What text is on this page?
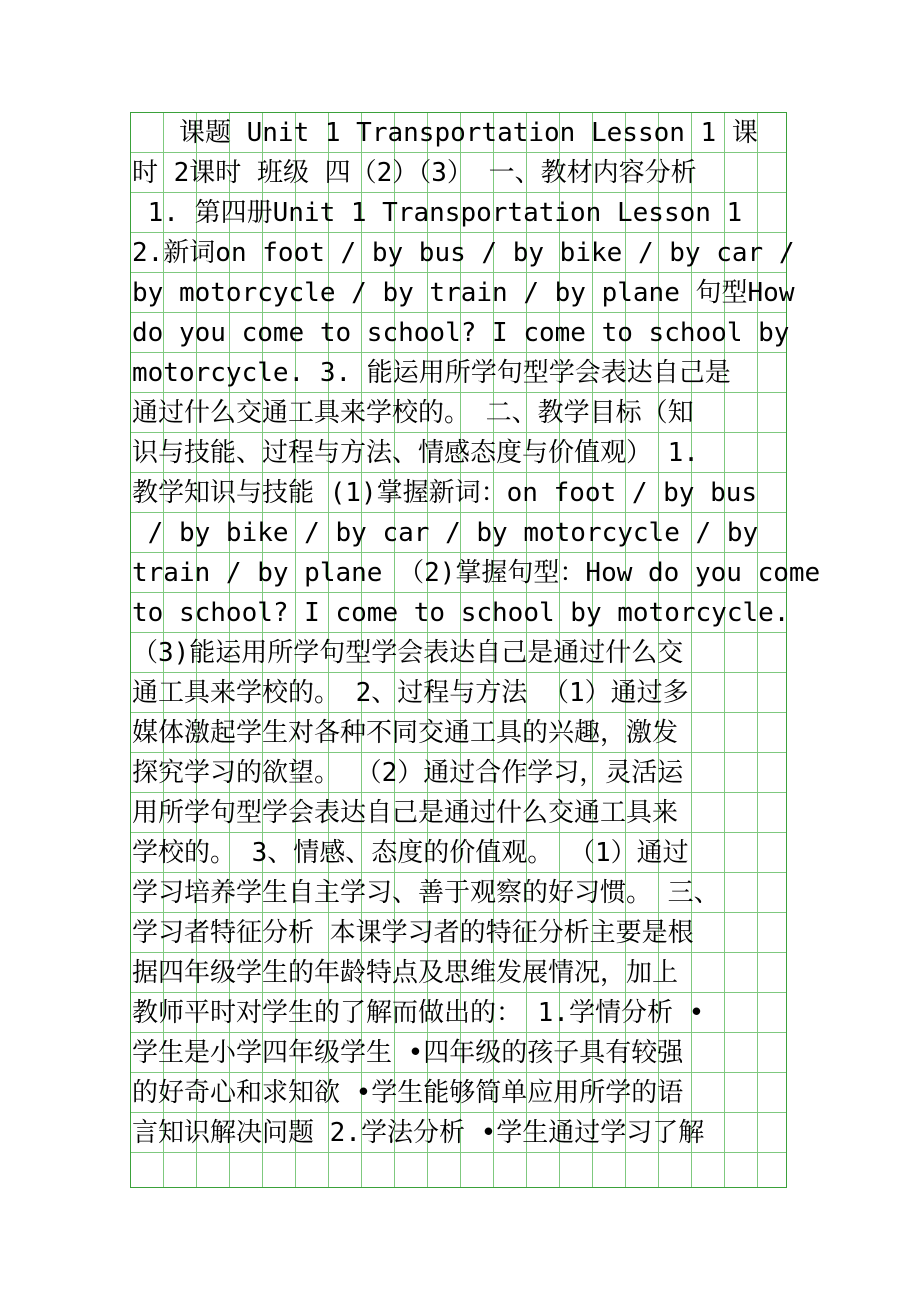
课题 Unit 1 Transportation Lesson 1 课
时 2课时 班级 四（2）（3） 一、教材内容分析
1. 第四册Unit 1 Transportation Lesson 1
2.新词on foot / by bus / by bike / by car /
by motorcycle / by train / by plane 句型How
do you come to school? I come to school by
motorcycle. 3. 能运用所学句型学会表达自己是
通过什么交通工具来学校的。 二、教学目标（知
识与技能、过程与方法、情感态度与价值观） 1.
教学知识与技能 (1)掌握新词：on foot / by bus
/ by bike / by car / by motorcycle / by
train / by plane （2)掌握句型：How do you come
to school? I come to school by motorcycle.
（3)能运用所学句型学会表达自己是通过什么交
通工具来学校的。 2、过程与方法 （1）通过多
媒体激起学生对各种不同交通工具的兴趣，激发
探究学习的欲望。 （2）通过合作学习，灵活运
用所学句型学会表达自己是通过什么交通工具来
学校的。 3、情感、态度的价值观。 （1）通过
学习培养学生自主学习、善于观察的好习惯。 三、
学习者特征分析 本课学习者的特征分析主要是根
据四年级学生的年龄特点及思维发展情况，加上
教师平时对学生的了解而做出的： 1.学情分析 •
学生是小学四年级学生 •四年级的孩子具有较强
的好奇心和求知欲 •学生能够简单应用所学的语
言知识解决问题 2.学法分析 •学生通过学习了解
